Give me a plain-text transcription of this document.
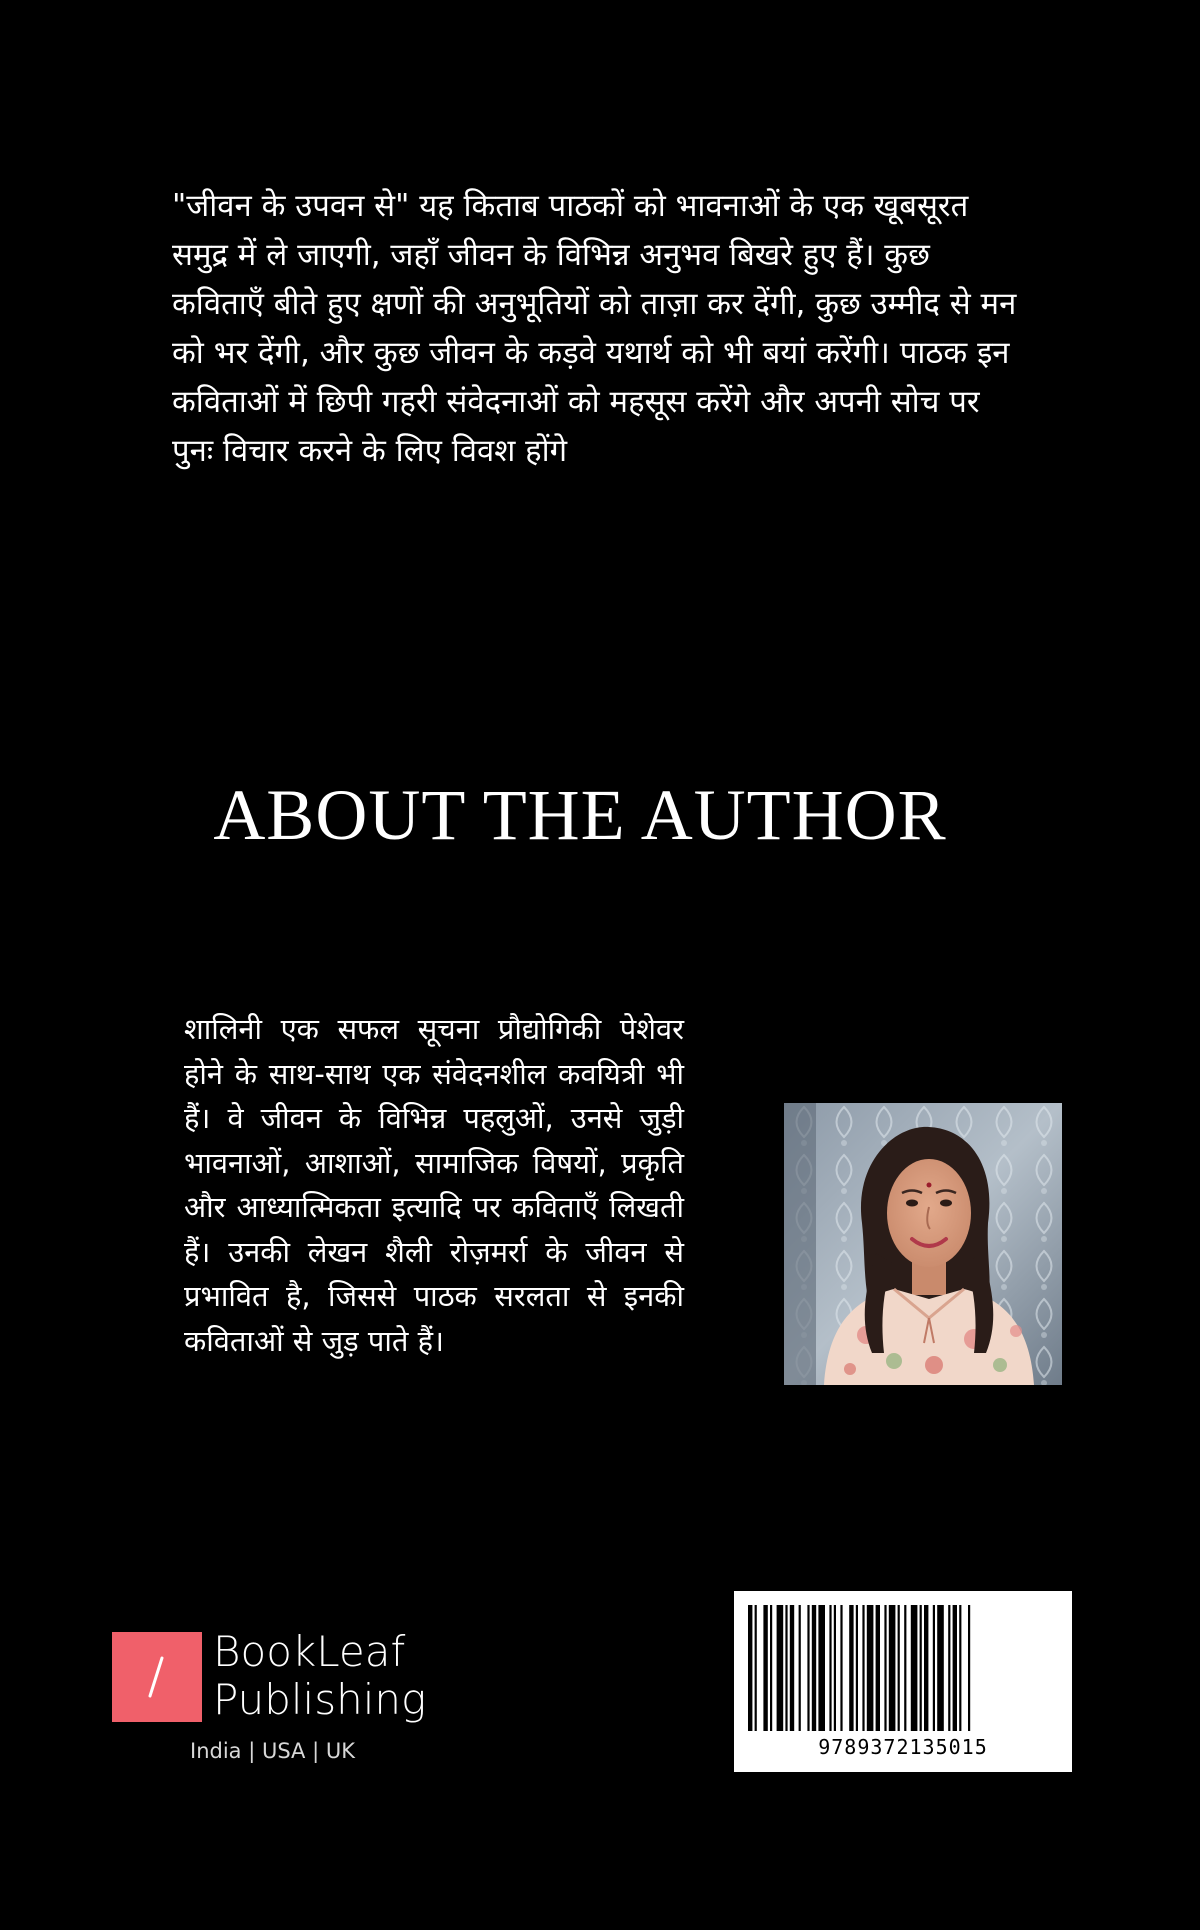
"जीवन के उपवन से" यह किताब पाठकों को भावनाओं के एक खूबसूरत समुद्र में ले जाएगी, जहाँ जीवन के विभिन्न अनुभव बिखरे हुए हैं। कुछ कविताएँ बीते हुए क्षणों की अनुभूतियों को ताज़ा कर देंगी, कुछ उम्मीद से मन को भर देंगी, और कुछ जीवन के कड़वे यथार्थ को भी बयां करेंगी। पाठक इन कविताओं में छिपी गहरी संवेदनाओं को महसूस करेंगे और अपनी सोच पर पुनः विचार करने के लिए विवश होंगे
ABOUT THE AUTHOR
शालिनी एक सफल सूचना प्रौद्योगिकी पेशेवर होने के साथ-साथ एक संवेदनशील कवयित्री भी हैं। वे जीवन के विभिन्न पहलुओं, उनसे जुड़ी भावनाओं, आशाओं, सामाजिक विषयों, प्रकृति और आध्यात्मिकता इत्यादि पर कविताएँ लिखती हैं। उनकी लेखन शैली रोज़मर्रा के जीवन से प्रभावित है, जिससे पाठक सरलता से इनकी कविताओं से जुड़ पाते हैं।
BookLeaf
Publishing
India | USA | UK	9789372135015
